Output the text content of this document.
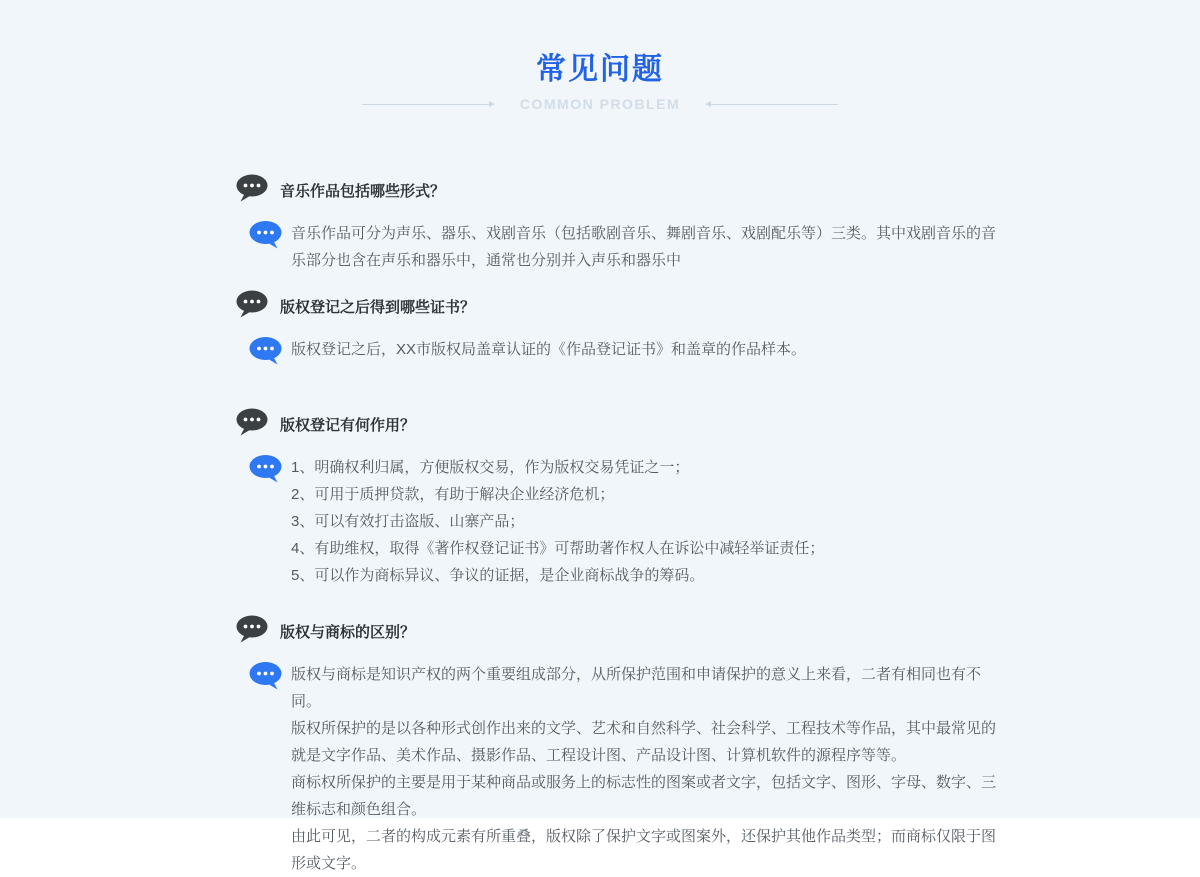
常见问题
COMMON PROBLEM
音乐作品包括哪些形式？

音乐作品可分为声乐、器乐、戏剧音乐（包括歌剧音乐、舞剧音乐、戏剧配乐等）三类。其中戏剧音乐的音乐部分也含在声乐和器乐中，通常也分别并入声乐和器乐中

版权登记之后得到哪些证书？

版权登记之后，XX市版权局盖章认证的《作品登记证书》和盖章的作品样本。

版权登记有何作用？

1、明确权利归属，方便版权交易，作为版权交易凭证之一；

2、可用于质押贷款，有助于解决企业经济危机；

3、可以有效打击盗版、山寨产品；

4、有助维权，取得《著作权登记证书》可帮助著作权人在诉讼中减轻举证责任；

5、可以作为商标异议、争议的证据，是企业商标战争的筹码。

版权与商标的区别？

版权与商标是知识产权的两个重要组成部分，从所保护范围和申请保护的意义上来看，二者有相同也有不同。

版权所保护的是以各种形式创作出来的文学、艺术和自然科学、社会科学、工程技术等作品，其中最常见的就是文字作品、美术作品、摄影作品、工程设计图、产品设计图、计算机软件的源程序等等。

商标权所保护的主要是用于某种商品或服务上的标志性的图案或者文字，包括文字、图形、字母、数字、三维标志和颜色组合。

由此可见，二者的构成元素有所重叠，版权除了保护文字或图案外，还保护其他作品类型；而商标仅限于图形或文字。
